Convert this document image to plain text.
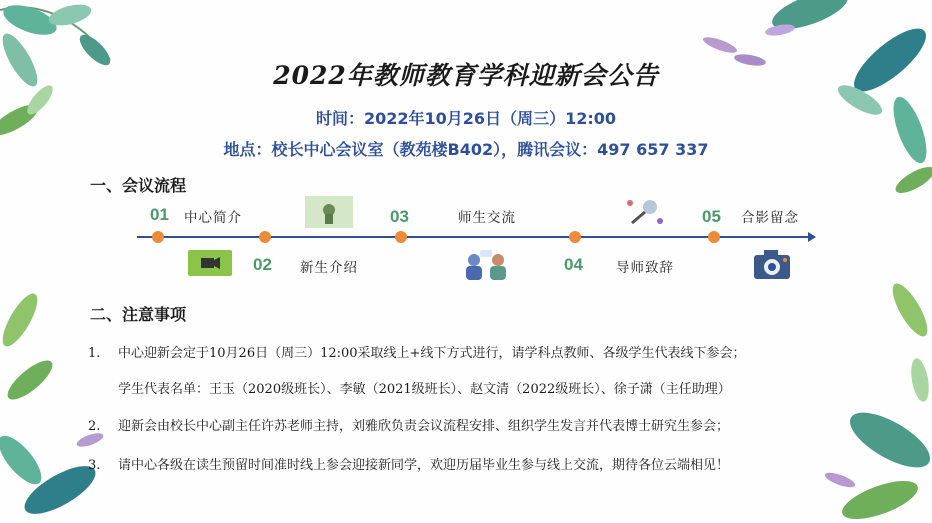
2022年教师教育学科迎新会公告
时间：2022年10月26日（周三）12:00
地点：校长中心会议室（教苑楼B402），腾讯会议：497 657 337
一、会议流程
01 中心简介
02 新生介绍
03	师生交流
04 导师致辞
05 合影留念
二、注意事项
1. 中心迎新会定于10月26日（周三）12:00采取线上+线下方式进行，请学科点教师、各级学生代表线下参会；
学生代表名单：王玉（2020级班长）、李敏（2021级班长）、赵文清（2022级班长）、徐子潇（主任助理）
2. 迎新会由校长中心副主任许苏老师主持，刘雅欣负责会议流程安排、组织学生发言并代表博士研究生参会；
3. 请中心各级在读生预留时间准时线上参会迎接新同学，欢迎历届毕业生参与线上交流，期待各位云端相见！
